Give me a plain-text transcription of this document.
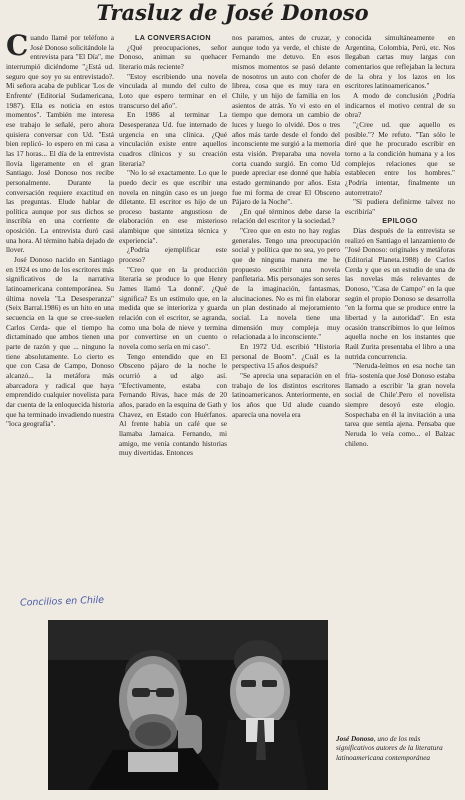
Trasluz de José Donoso

Cuando llamé por teléfono a José Donoso solicitándole la entrevista para "El Día", me interrumpió diciéndome "¿Está ud. seguro que soy yo su entrevistado?. Mi señora acaba de publicar 'Los de Enfrente' (Editorial Sudamericana, 1987). Ella es noticia en estos momentos". También me interesa ese trabajo le señalé, pero ahora quisiera conversar con Ud. "Está bien replicó- lo espero en mi casa a las 17 horas... El día de la entrevista llovía ligeramente en el gran Santiago. José Donoso nos recibe personalmente. Durante la conversación requiere exactitud en las preguntas. Elude hablar de política aunque por sus dichos se inscribía en una corriente de oposición. La entrevista duró casi una hora. Al término había dejado de llover.

José Donoso nacido en Santiago en 1924 es uno de los escritores más significativos de la narrativa latinoamericana contemporánea. Su última novela "La Desesperanza" (Seix Barral.1986) es un hito en una secuencia en la que se cree-suelen Carlos Cerda- que el tiempo ha dictaminado que ambos tienen una parte de razón y que ... ninguno la tiene absolutamente. Lo cierto es que con Casa de Campo, Donoso alcanzó... la metáfora más abarcadora y radical que haya emprendido cualquier novelista para dar cuenta de la enloquecida historia que ha terminado invadiendo nuestra "loca geografía".

LA CONVERSACION

¿Qué preocupaciones, señor Donoso, animan su quehacer literario más reciente?

"Estoy escribiendo una novela vinculada al mundo del culto de Loto que espero terminar en el transcurso del año".

En 1986 al terminar La Desesperanza Ud. fue internado de urgencia en una clínica. ¿Qué vinculación existe entre aquellos cuadros clínicos y su creación literaria?

"No lo sé exactamente. Lo que le puedo decir es que escribir una novela en ningún caso es un juego diletante. El escritor es hijo de un proceso bastante angustioso de elaboración en ese misterioso alambique que sintetiza técnica y experiencia".

¿Podría ejemplificar este proceso?

"Creo que en la producción literaria se produce lo que Henry James llamó 'La donné'. ¿Qué significa? Es un estímulo que, en la medida que se interioriza y guarda relación con el escritor, se agranda, como una bola de nieve y termina por convertirse en un cuento o novela como sería en mi caso".

Tengo entendido que en El Obsceno pájaro de la noche le ocurrió a ud algo así. "Efectivamente, estaba con Fernando Rivas, hace más de 20 años, parado en la esquina de Gath y Chavez, en Estado con Huérfanos. Al frente había un café que se llamaba Jamaica. Fernando, mi amigo, me venía contando historias muy divertidas. Entonces

nos paramos, antes de cruzar, y aunque todo ya verde, el chiste de Fernando me detuvo. En esos mismos momentos se pasó delante de nosotros un auto con chofer de librea, cosa que es muy rara en Chile, y un hijo de familia en los asientos de atrás. Yo vi esto en el tiempo que demora un cambio de luces y luego lo olvidé. Dos o tres años más tarde desde el fondo del inconsciente me surgió a la memoria esta visión. Preparaba una novela corta cuando surgió. En como Ud puede apreciar ese donné que había estado germinando por años. Esta fue mi forma de crear El Obsceno Pájaro de la Noche".

¿En qué términos debe darse la relación del escritor y la sociedad.?

"Creo que en esto no hay reglas generales. Tengo una preocupación social y política que no sea, yo pero que de ninguna manera me he propuesto escribir una novela panfletaria. Mis personajes son seres de la imaginación, fantasmas, alucinaciones. No es mi fin elaborar un plan destinado al mejoramiento social. La novela tiene una dimensión muy compleja muy relacionada a lo inconsciente."

En 1972 Ud. escribió "Historia personal de Boom". ¿Cuál es la perspectiva 15 años después?

"Se aprecia una separación en el trabajo de los distintos escritores latinoamericanos. Anteriormente, en los años que Ud alude cuando aparecía una novela era

conocida simultáneamente en Argentina, Colombia, Perú, etc. Nos llegaban cartas muy largas con comentarios que reflejaban la lectura de la obra y los lazos en los escritores latinoamericanos."

A modo de conclusión ¿Podría indicarnos el motivo central de su obra?

"¿Cree ud. que aquello es posible."? Me refuto. "Tan sólo le diré que he procurado escribir en torno a la condición humana y a los complejos relaciones que se establecen entre los hombres." ¿Podría intentar, finalmente un autorretrato?

"Si pudiera definirme talvez no escribiría"

EPILOGO

Días después de la entrevista se realizó en Santiago el lanzamiento de "José Donoso: originales y metáforas (Editorial Planeta.1988) de Carlos Cerda y que es un estudio de una de las novelas más relevantes de Donoso, "Casa de Campo" en la que según el propio Donoso se desarrolla "en la forma que se produce entre la libertad y la autoridad". En esta ocasión transcribimos lo que leímos aquella noche en los instantes que Raúl Zurita presentaba el libro a una nutrida concurrencia.

"Neruda-leímos en esa noche tan fria- sostenía que José Donoso estaba llamado a escribir 'la gran novela social de Chile'.Pero el novelista siempre desoyó este elogio. Sospechaba en él la invitación a una tarea que sentía ajena. Pensaba que Neruda lo veía como... el Balzac chileno.

Concilios en Chile
José Donoso, uno de los más significativos autores de la literatura latinoamericana contemporánea
